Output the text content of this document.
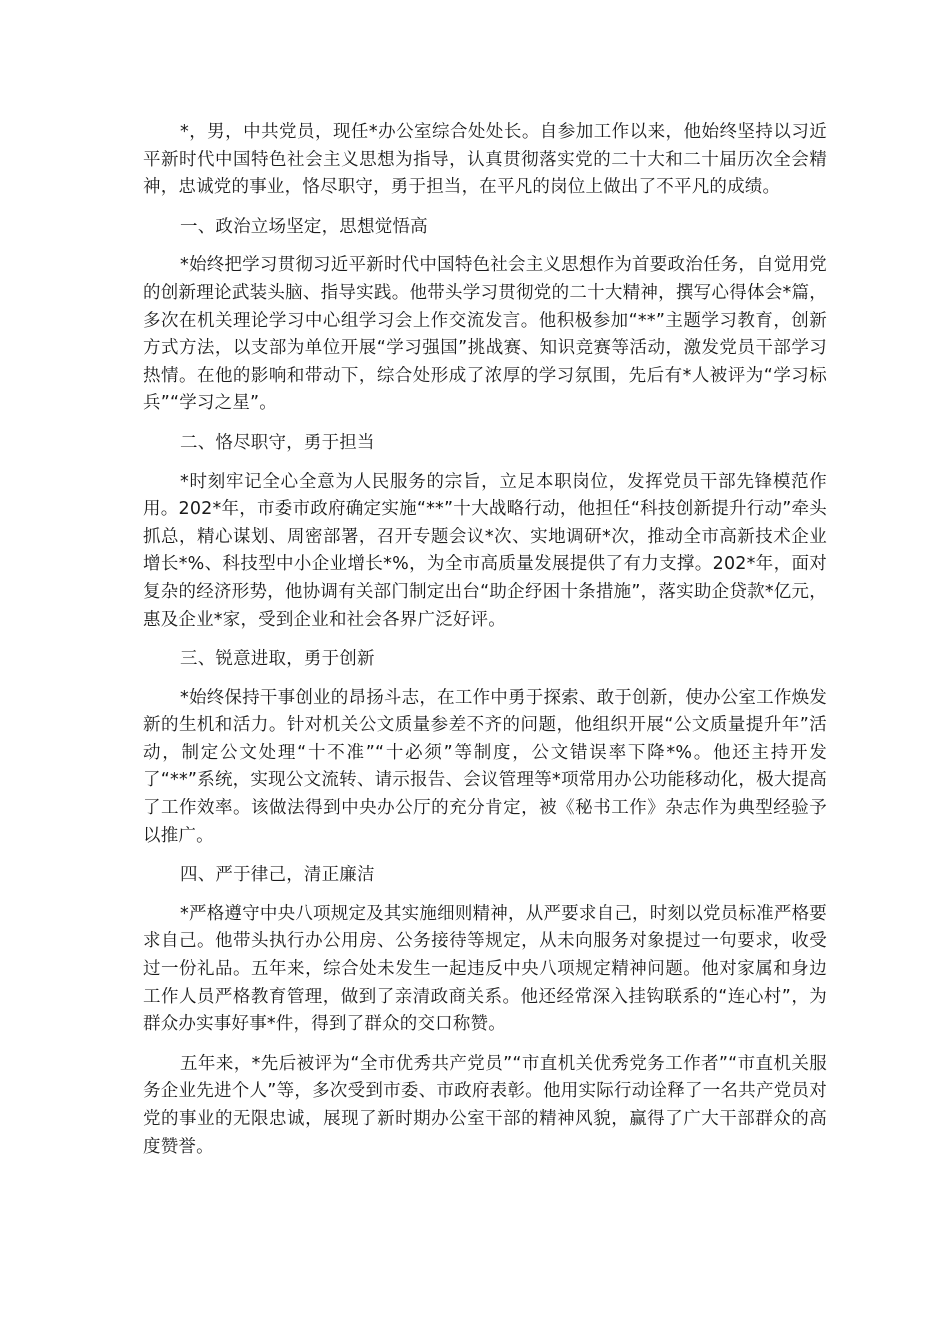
*，男，中共党员，现任*办公室综合处处长。自参加工作以来，他始终坚持以习近平新时代中国特色社会主义思想为指导，认真贯彻落实党的二十大和二十届历次全会精神，忠诚党的事业，恪尽职守，勇于担当，在平凡的岗位上做出了不平凡的成绩。

一、政治立场坚定，思想觉悟高

*始终把学习贯彻习近平新时代中国特色社会主义思想作为首要政治任务，自觉用党的创新理论武装头脑、指导实践。他带头学习贯彻党的二十大精神，撰写心得体会*篇，多次在机关理论学习中心组学习会上作交流发言。他积极参加“**”主题学习教育，创新方式方法，以支部为单位开展“学习强国”挑战赛、知识竞赛等活动，激发党员干部学习热情。在他的影响和带动下，综合处形成了浓厚的学习氛围，先后有*人被评为“学习标兵”“学习之星”。

二、恪尽职守，勇于担当

*时刻牢记全心全意为人民服务的宗旨，立足本职岗位，发挥党员干部先锋模范作用。202*年，市委市政府确定实施“**”十大战略行动，他担任“科技创新提升行动”牵头抓总，精心谋划、周密部署，召开专题会议*次、实地调研*次，推动全市高新技术企业增长*%、科技型中小企业增长*%，为全市高质量发展提供了有力支撑。202*年，面对复杂的经济形势，他协调有关部门制定出台“助企纾困十条措施”，落实助企贷款*亿元，惠及企业*家，受到企业和社会各界广泛好评。

三、锐意进取，勇于创新

*始终保持干事创业的昂扬斗志，在工作中勇于探索、敢于创新，使办公室工作焕发新的生机和活力。针对机关公文质量参差不齐的问题，他组织开展“公文质量提升年”活动，制定公文处理“十不准”“十必须”等制度，公文错误率下降*%。他还主持开发了“**”系统，实现公文流转、请示报告、会议管理等*项常用办公功能移动化，极大提高了工作效率。该做法得到中央办公厅的充分肯定，被《秘书工作》杂志作为典型经验予以推广。

四、严于律己，清正廉洁

*严格遵守中央八项规定及其实施细则精神，从严要求自己，时刻以党员标准严格要求自己。他带头执行办公用房、公务接待等规定，从未向服务对象提过一句要求，收受过一份礼品。五年来，综合处未发生一起违反中央八项规定精神问题。他对家属和身边工作人员严格教育管理，做到了亲清政商关系。他还经常深入挂钩联系的“连心村”，为群众办实事好事*件，得到了群众的交口称赞。

五年来，*先后被评为“全市优秀共产党员”“市直机关优秀党务工作者”“市直机关服务企业先进个人”等，多次受到市委、市政府表彰。他用实际行动诠释了一名共产党员对党的事业的无限忠诚，展现了新时期办公室干部的精神风貌，赢得了广大干部群众的高度赞誉。
